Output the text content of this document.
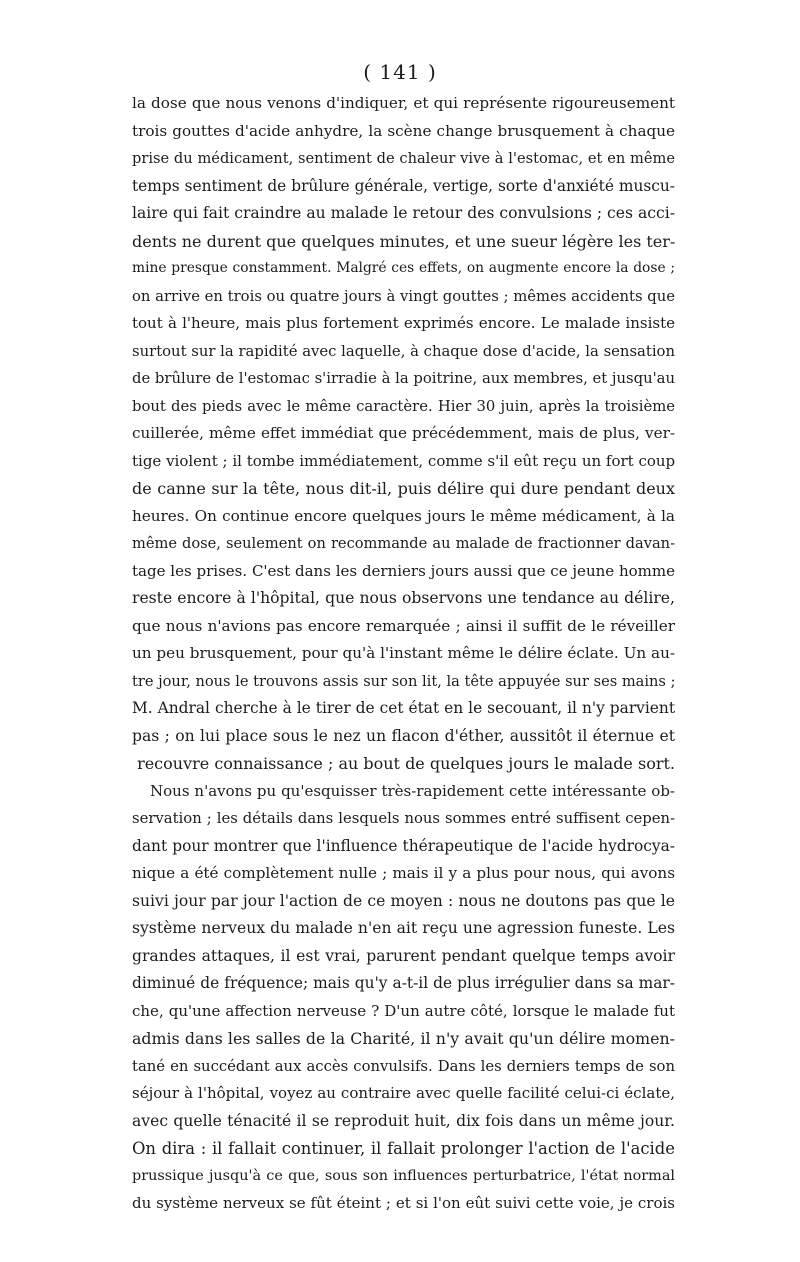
( 141 )
la dose que nous venons d'indiquer, et qui représente rigoureusement
trois gouttes d'acide anhydre, la scène change brusquement à chaque
prise du médicament, sentiment de chaleur vive à l'estomac, et en même
temps sentiment de brûlure générale, vertige, sorte d'anxiété muscu-
laire qui fait craindre au malade le retour des convulsions ; ces acci-
dents ne durent que quelques minutes, et une sueur légère les ter-
mine presque constamment. Malgré ces effets, on augmente encore la dose ;
on arrive en trois ou quatre jours à vingt gouttes ; mêmes accidents que
tout à l'heure, mais plus fortement exprimés encore. Le malade insiste
surtout sur la rapidité avec laquelle, à chaque dose d'acide, la sensation
de brûlure de l'estomac s'irradie à la poitrine, aux membres, et jusqu'au
bout des pieds avec le même caractère. Hier 30 juin, après la troisième
cuillerée, même effet immédiat que précédemment, mais de plus, ver-
tige violent ; il tombe immédiatement, comme s'il eût reçu un fort coup
de canne sur la tête, nous dit-il, puis délire qui dure pendant deux
heures. On continue encore quelques jours le même médicament, à la
même dose, seulement on recommande au malade de fractionner davan-
tage les prises. C'est dans les derniers jours aussi que ce jeune homme
reste encore à l'hôpital, que nous observons une tendance au délire,
que nous n'avions pas encore remarquée ; ainsi il suffit de le réveiller
un peu brusquement, pour qu'à l'instant même le délire éclate. Un au-
tre jour, nous le trouvons assis sur son lit, la tête appuyée sur ses mains ;
M. Andral cherche à le tirer de cet état en le secouant, il n'y parvient
pas ; on lui place sous le nez un flacon d'éther, aussitôt il éternue et
recouvre connaissance ; au bout de quelques jours le malade sort.
Nous n'avons pu qu'esquisser très-rapidement cette intéressante ob-
servation ; les détails dans lesquels nous sommes entré suffisent cepen-
dant pour montrer que l'influence thérapeutique de l'acide hydrocya-
nique a été complètement nulle ; mais il y a plus pour nous, qui avons
suivi jour par jour l'action de ce moyen : nous ne doutons pas que le
système nerveux du malade n'en ait reçu une agression funeste. Les
grandes attaques, il est vrai, parurent pendant quelque temps avoir
diminué de fréquence; mais qu'y a-t-il de plus irrégulier dans sa mar-
che, qu'une affection nerveuse ? D'un autre côté, lorsque le malade fut
admis dans les salles de la Charité, il n'y avait qu'un délire momen-
tané en succédant aux accès convulsifs. Dans les derniers temps de son
séjour à l'hôpital, voyez au contraire avec quelle facilité celui-ci éclate,
avec quelle ténacité il se reproduit huit, dix fois dans un même jour.
On dira : il fallait continuer, il fallait prolonger l'action de l'acide
prussique jusqu'à ce que, sous son influences perturbatrice, l'état normal
du système nerveux se fût éteint ; et si l'on eût suivi cette voie, je crois
